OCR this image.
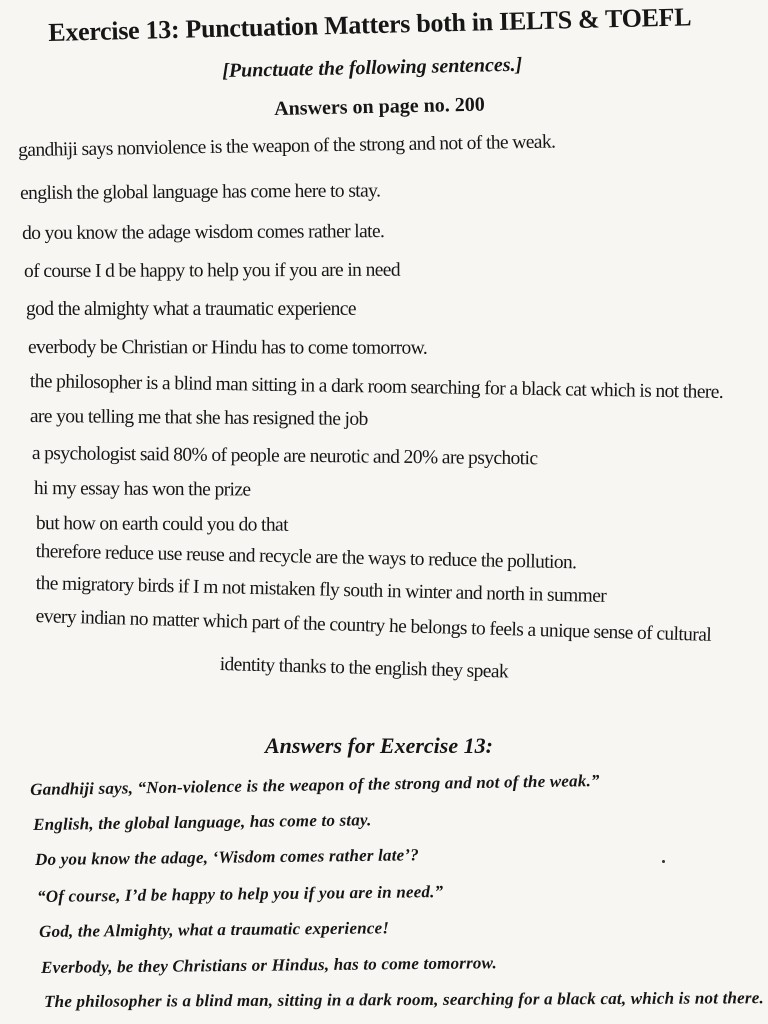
Exercise 13: Punctuation Matters both in IELTS & TOEFL
[Punctuate the following sentences.]
Answers on page no. 200
gandhiji says nonviolence is the weapon of the strong and not of the weak.
english the global language has come here to stay.
do you know the adage wisdom comes rather late.
of course I d be happy to help you if you are in need
god the almighty what a traumatic experience
everbody be Christian or Hindu has to come tomorrow.
the philosopher is a blind man sitting in a dark room searching for a black cat which is not there.
are you telling me that she has resigned the job
a psychologist said 80% of people are neurotic and 20% are psychotic
hi my essay has won the prize
but how on earth could you do that
therefore reduce use reuse and recycle are the ways to reduce the pollution.
the migratory birds if I m not mistaken fly south in winter and north in summer
every indian no matter which part of the country he belongs to feels a unique sense of cultural
identity thanks to the english they speak
Answers for Exercise 13:
Gandhiji says, “Non-violence is the weapon of the strong and not of the weak.”
English, the global language, has come to stay.
Do you know the adage, ‘Wisdom comes rather late’?
“Of course, I’d be happy to help you if you are in need.”
God, the Almighty, what a traumatic experience!
Everbody, be they Christians or Hindus, has to come tomorrow.
The philosopher is a blind man, sitting in a dark room, searching for a black cat, which is not there.
